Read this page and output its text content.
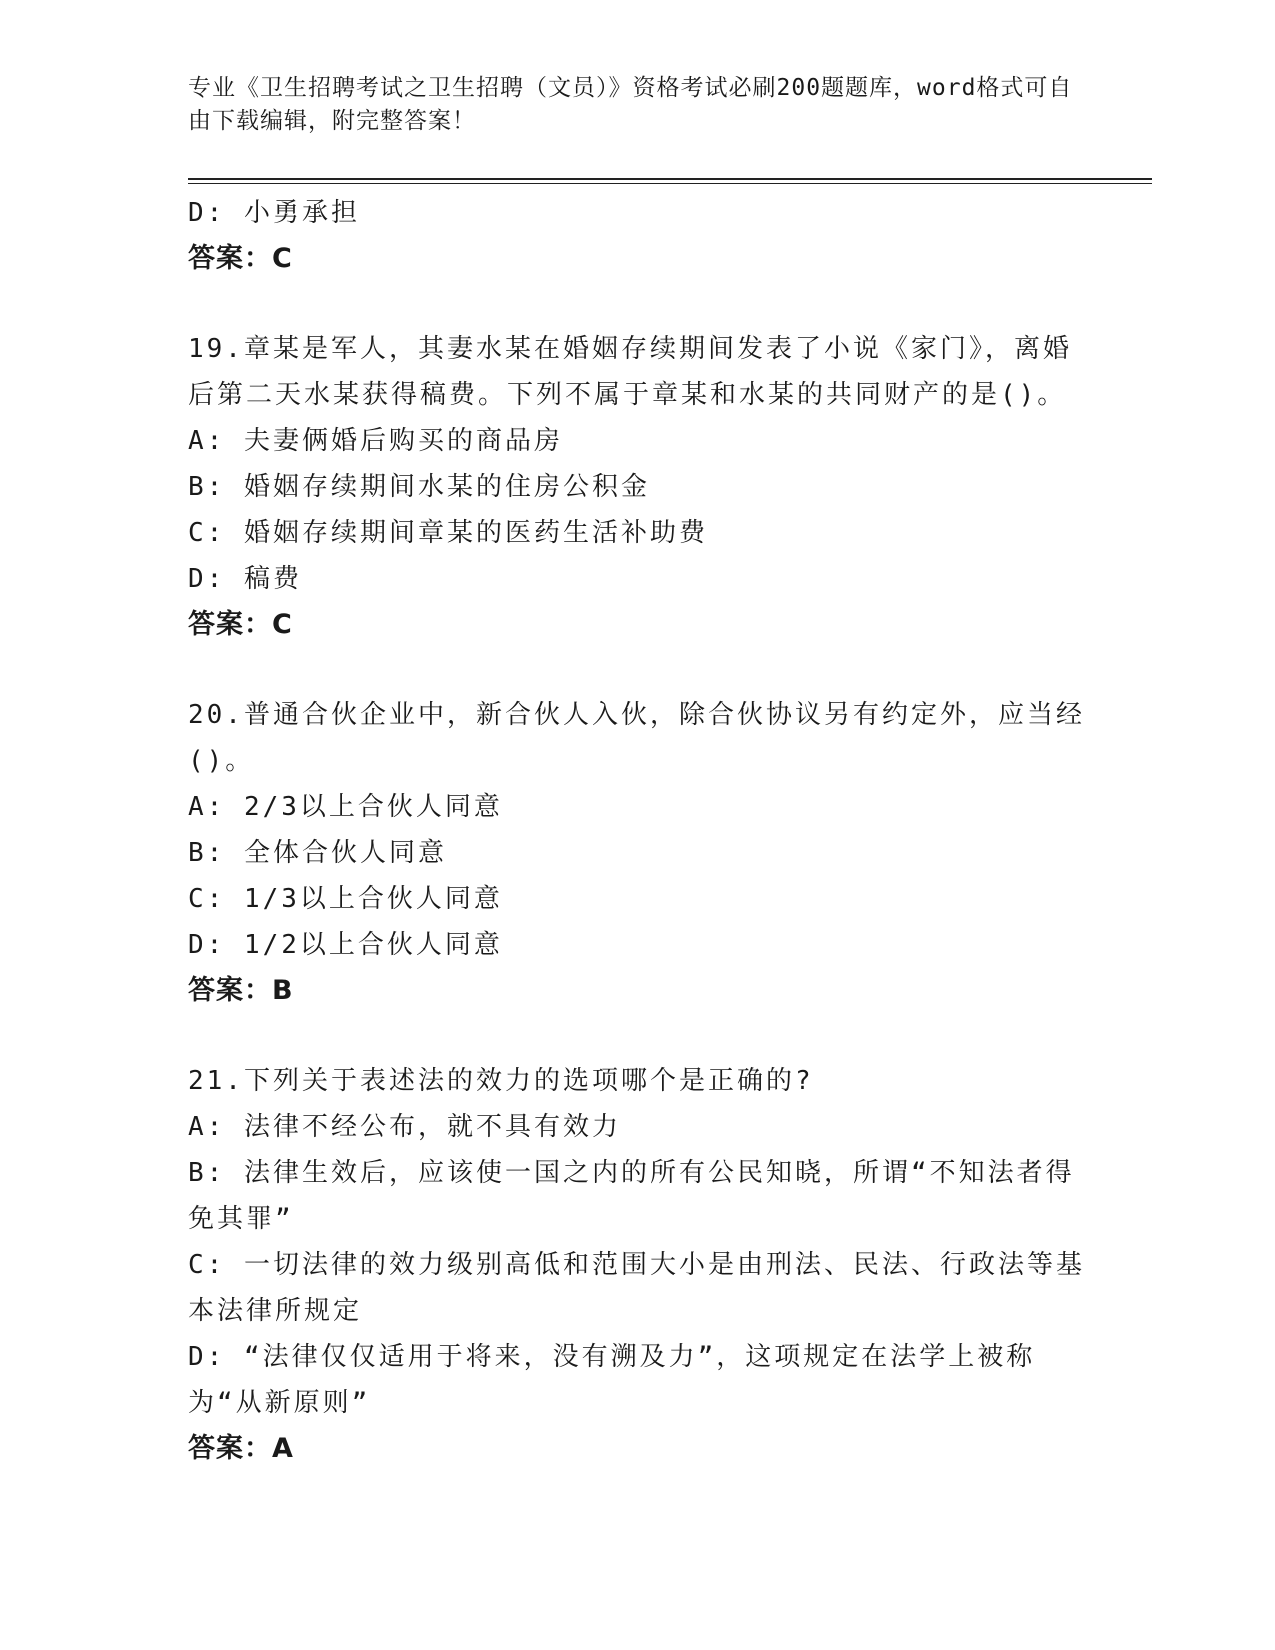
专业《卫生招聘考试之卫生招聘（文员）》资格考试必刷200题题库，word格式可自由下载编辑，附完整答案！
D: 小勇承担
答案：C
19.章某是军人，其妻水某在婚姻存续期间发表了小说《家门》，离婚后第二天水某获得稿费。下列不属于章某和水某的共同财产的是()。
A: 夫妻俩婚后购买的商品房
B: 婚姻存续期间水某的住房公积金
C: 婚姻存续期间章某的医药生活补助费
D: 稿费
答案：C
20.普通合伙企业中，新合伙人入伙，除合伙协议另有约定外，应当经()。
A: 2/3以上合伙人同意
B: 全体合伙人同意
C: 1/3以上合伙人同意
D: 1/2以上合伙人同意
答案：B
21.下列关于表述法的效力的选项哪个是正确的?
A: 法律不经公布，就不具有效力
B: 法律生效后，应该使一国之内的所有公民知晓，所谓“不知法者得免其罪”
C: 一切法律的效力级别高低和范围大小是由刑法、民法、行政法等基本法律所规定
D: “法律仅仅适用于将来，没有溯及力”，这项规定在法学上被称为“从新原则”
答案：A
